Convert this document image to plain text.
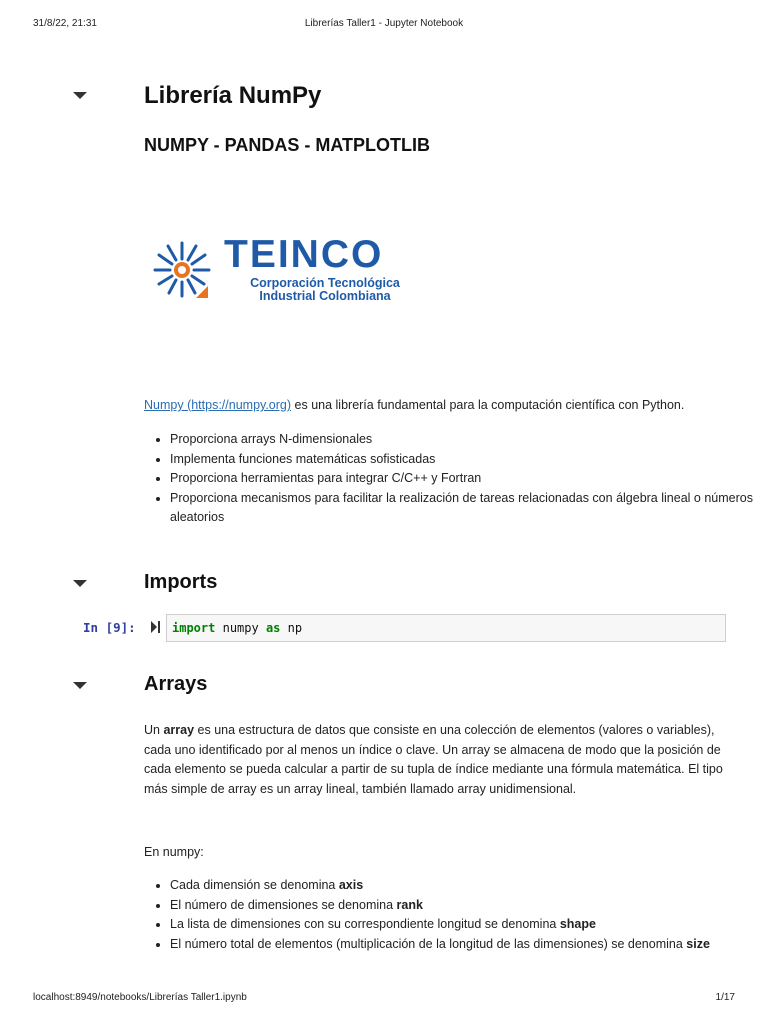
31/8/22, 21:31	Librerías Taller1 - Jupyter Notebook
Librería NumPy
NUMPY - PANDAS - MATPLOTLIB
TEINCO
Corporación Tecnológica
Industrial Colombiana
Numpy (https://numpy.org) es una librería fundamental para la computación científica con Python.
• Proporciona arrays N-dimensionales
• Implementa funciones matemáticas sofisticadas
• Proporciona herramientas para integrar C/C++ y Fortran
• Proporciona mecanismos para facilitar la realización de tareas relacionadas con álgebra lineal o números aleatorios
Imports
In [9]:	import numpy as np
Arrays
Un array es una estructura de datos que consiste en una colección de elementos (valores o variables), cada uno identificado por al menos un índice o clave. Un array se almacena de modo que la posición de cada elemento se pueda calcular a partir de su tupla de índice mediante una fórmula matemática. El tipo más simple de array es un array lineal, también llamado array unidimensional.
En numpy:
• Cada dimensión se denomina axis
• El número de dimensiones se denomina rank
• La lista de dimensiones con su correspondiente longitud se denomina shape
• El número total de elementos (multiplicación de la longitud de las dimensiones) se denomina size
localhost:8949/notebooks/Librerías Taller1.ipynb	1/17
